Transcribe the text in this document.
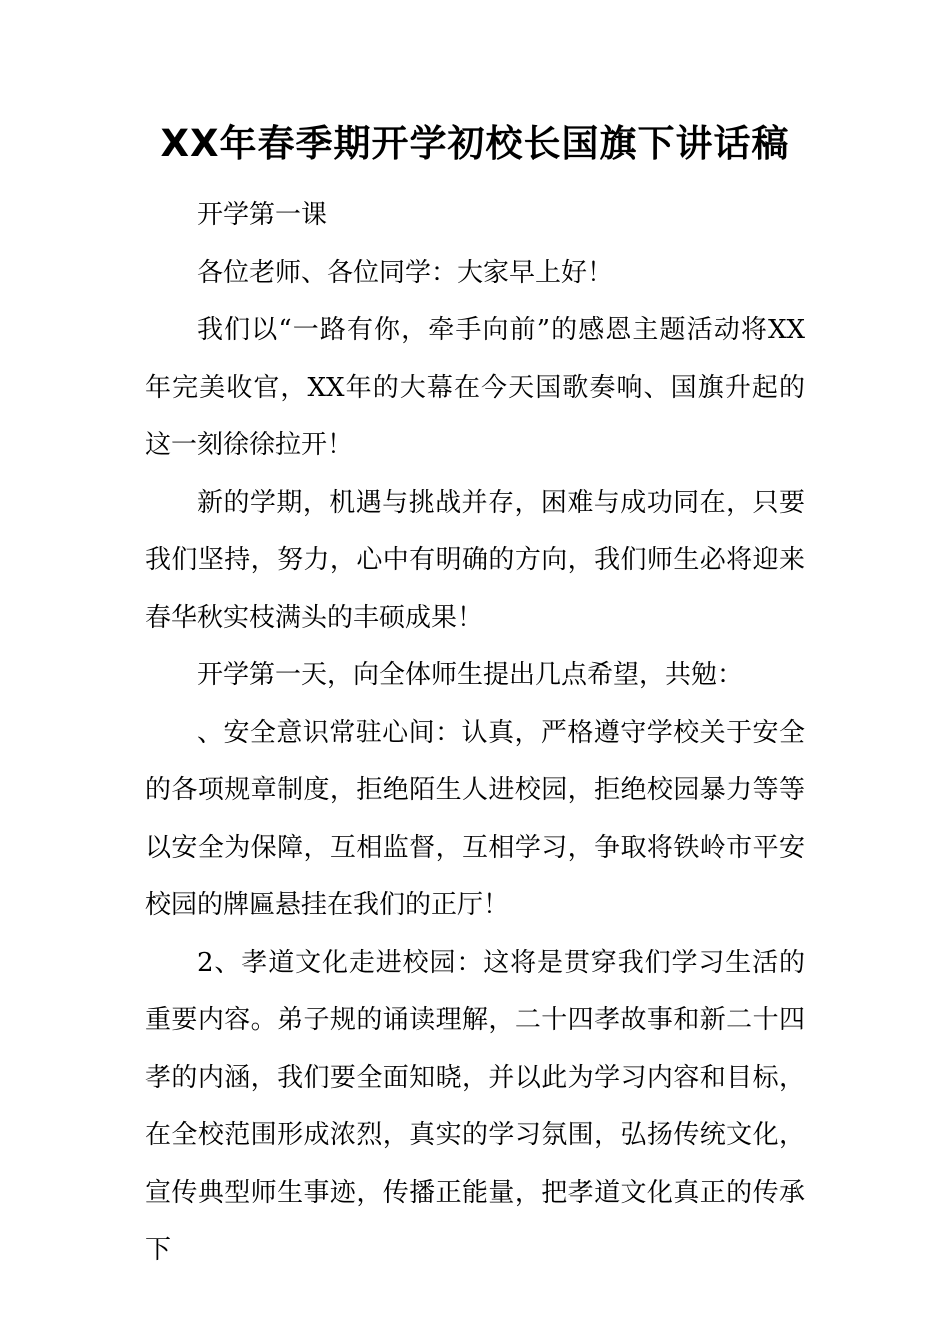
XX年春季期开学初校长国旗下讲话稿

开学第一课

各位老师、各位同学：大家早上好！

我们以“一路有你，牵手向前”的感恩主题活动将XX年完美收官，XX年的大幕在今天国歌奏响、国旗升起的这一刻徐徐拉开！

新的学期，机遇与挑战并存，困难与成功同在，只要我们坚持，努力，心中有明确的方向，我们师生必将迎来春华秋实枝满头的丰硕成果！

开学第一天，向全体师生提出几点希望，共勉：

、安全意识常驻心间：认真，严格遵守学校关于安全的各项规章制度，拒绝陌生人进校园，拒绝校园暴力等等以安全为保障，互相监督，互相学习，争取将铁岭市平安校园的牌匾悬挂在我们的正厅！

2、孝道文化走进校园：这将是贯穿我们学习生活的重要内容。弟子规的诵读理解，二十四孝故事和新二十四孝的内涵，我们要全面知晓，并以此为学习内容和目标，在全校范围形成浓烈，真实的学习氛围，弘扬传统文化，宣传典型师生事迹，传播正能量，把孝道文化真正的传承下
